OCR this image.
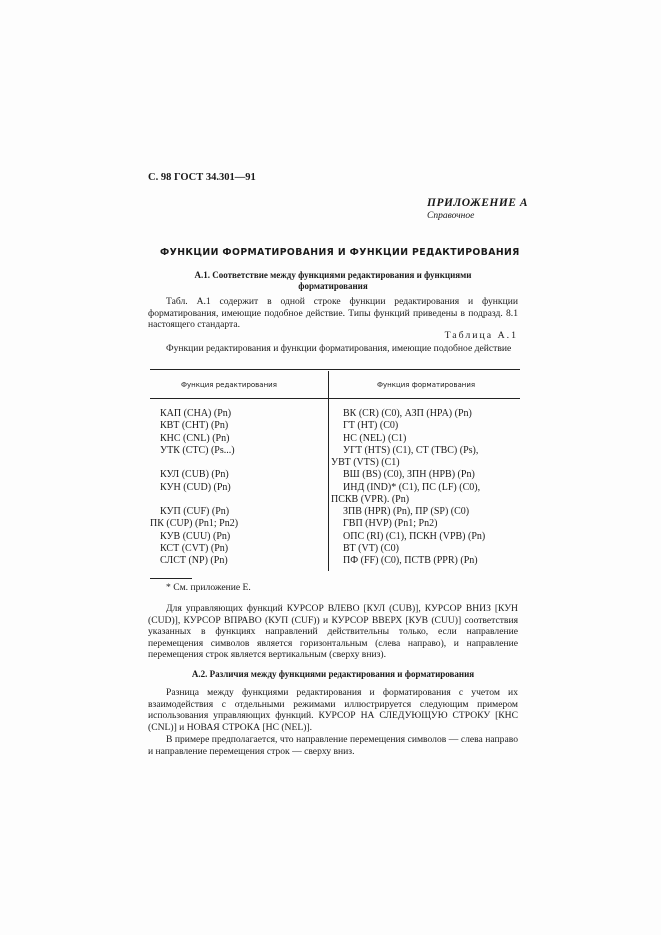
С. 98 ГОСТ 34.301—91
ПРИЛОЖЕНИЕ А
Справочное
ФУНКЦИИ ФОРМАТИРОВАНИЯ И ФУНКЦИИ РЕДАКТИРОВАНИЯ
А.1. Соответствие между функциями редактирования и функциями форматирования
Табл. А.1 содержит в одной строке функции редактирования и функции форматирования, имеющие подобное действие. Типы функций приведены в подразд. 8.1 настоящего стандарта.
Таблица А.1
Функции редактирования и функции форматирования, имеющие подобное действие
Функция редактирования	Функция форматирования
КАП (CHA) (Pn)
КВТ (CHT) (Pn)
КНС (CNL) (Pn)
УТК (CTC) (Ps...)
КУЛ (CUB) (Pn)
КУН (CUD) (Pn)
КУП (CUF) (Pn)
ПК (CUP) (Pn1; Pn2)
КУВ (CUU) (Pn)
КСТ (CVT) (Pn)
СЛСТ (NP) (Pn)
ВК (CR) (C0), АЗП (HPA) (Pn)
ГТ (HT) (C0)
НС (NEL) (C1)
УГТ (HTS) (C1), СТ (TBC) (Ps),
УВТ (VTS) (C1)
ВШ (BS) (C0), ЗПН (HPB) (Pn)
ИНД (IND)* (C1), ПС (LF) (C0),
ПСКВ (VPR). (Pn)
ЗПВ (HPR) (Pn), ПР (SP) (C0)
ГВП (HVP) (Pn1; Pn2)
ОПС (RI) (C1), ПСКН (VPB) (Pn)
ВТ (VT) (C0)
ПФ (FF) (C0), ПСТВ (PPR) (Pn)
* См. приложение Е.
Для управляющих функций КУРСОР ВЛЕВО [КУЛ (CUB)], КУРСОР ВНИЗ [КУН (CUD)], КУРСОР ВПРАВО (КУП (CUF)) и КУРСОР ВВЕРХ [КУВ (CUU)] соответствия указанных в функциях направлений действительны только, если направление перемещения символов является горизонтальным (слева направо), и направление перемещения строк является вертикальным (сверху вниз).
А.2. Различия между функциями редактирования и форматирования
Разница между функциями редактирования и форматирования с учетом их взаимодействия с отдельными режимами иллюстрируется следующим примером использования управляющих функций. КУРСОР НА СЛЕДУЮЩУЮ СТРОКУ [КНС (CNL)] и НОВАЯ СТРОКА [НС (NEL)].
В примере предполагается, что направление перемещения символов — слева направо и направление перемещения строк — сверху вниз.
